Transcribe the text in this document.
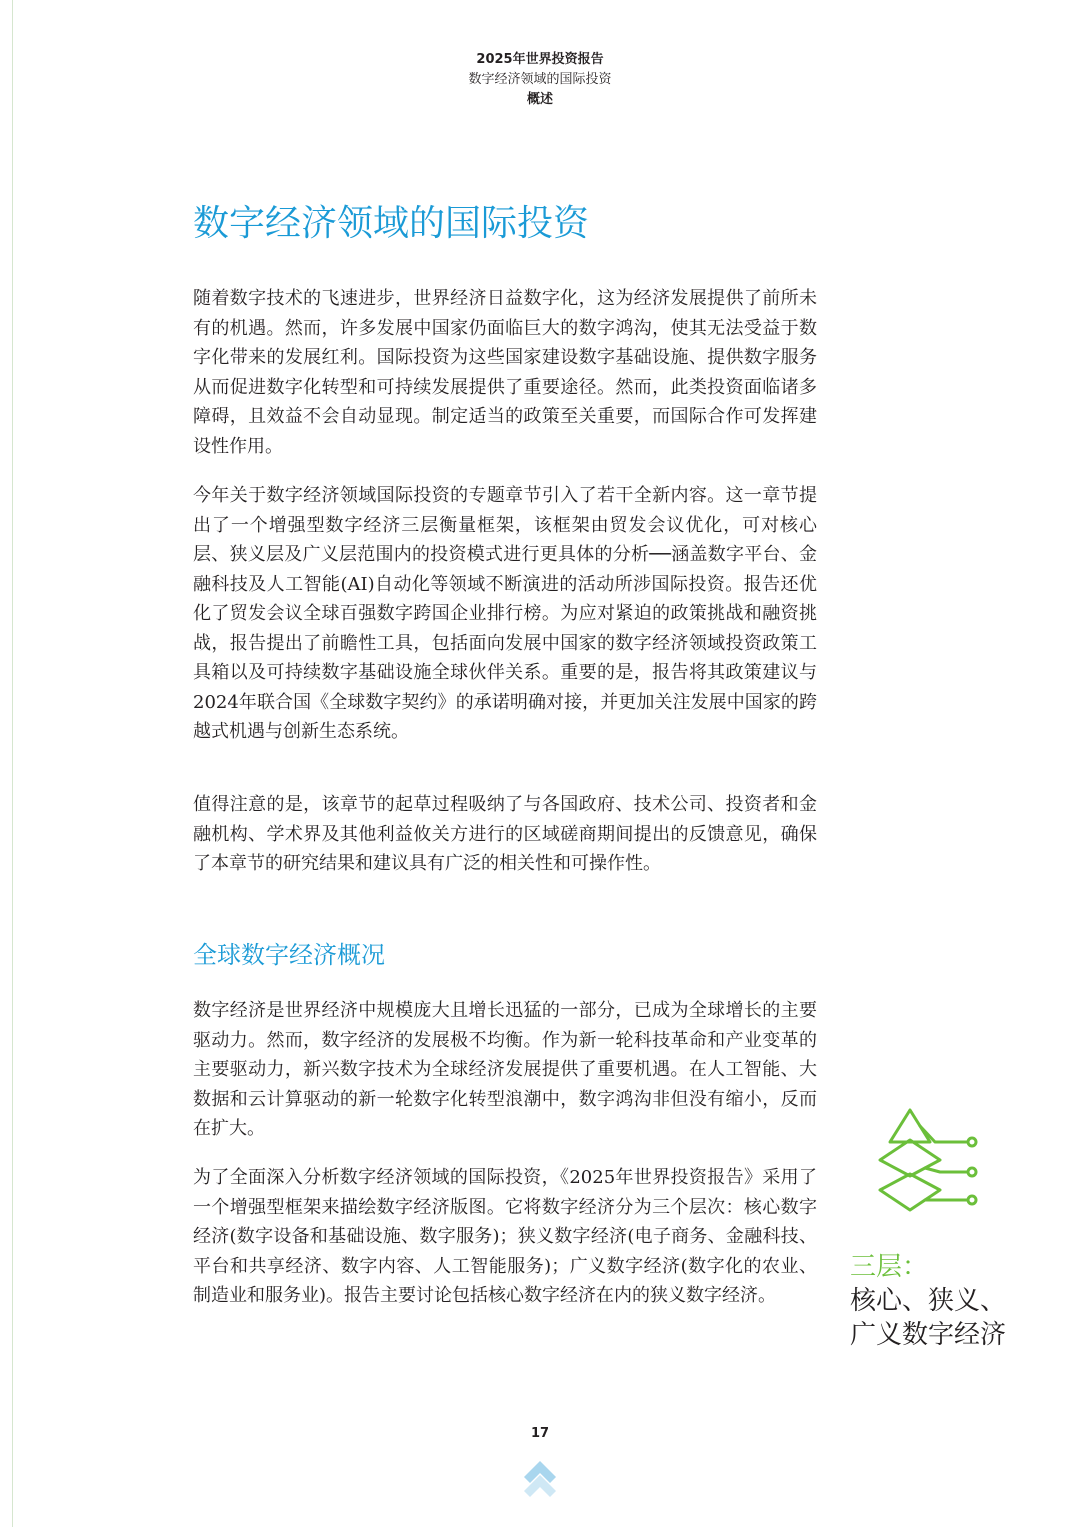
2025年世界投资报告
数字经济领域的国际投资
概述
数字经济领域的国际投资

随着数字技术的飞速进步，世界经济日益数字化，这为经济发展提供了前所未有的机遇。然而，许多发展中国家仍面临巨大的数字鸿沟，使其无法受益于数字化带来的发展红利。国际投资为这些国家建设数字基础设施、提供数字服务从而促进数字化转型和可持续发展提供了重要途径。然而，此类投资面临诸多障碍，且效益不会自动显现。制定适当的政策至关重要，而国际合作可发挥建设性作用。

今年关于数字经济领域国际投资的专题章节引入了若干全新内容。这一章节提出了一个增强型数字经济三层衡量框架，该框架由贸发会议优化，可对核心层、狭义层及广义层范围内的投资模式进行更具体的分析──涵盖数字平台、金融科技及人工智能(AI)自动化等领域不断演进的活动所涉国际投资。报告还优化了贸发会议全球百强数字跨国企业排行榜。为应对紧迫的政策挑战和融资挑战，报告提出了前瞻性工具，包括面向发展中国家的数字经济领域投资政策工具箱以及可持续数字基础设施全球伙伴关系。重要的是，报告将其政策建议与2024年联合国《全球数字契约》的承诺明确对接，并更加关注发展中国家的跨越式机遇与创新生态系统。

值得注意的是，该章节的起草过程吸纳了与各国政府、技术公司、投资者和金融机构、学术界及其他利益攸关方进行的区域磋商期间提出的反馈意见，确保了本章节的研究结果和建议具有广泛的相关性和可操作性。

全球数字经济概况

数字经济是世界经济中规模庞大且增长迅猛的一部分，已成为全球增长的主要驱动力。然而，数字经济的发展极不均衡。作为新一轮科技革命和产业变革的主要驱动力，新兴数字技术为全球经济发展提供了重要机遇。在人工智能、大数据和云计算驱动的新一轮数字化转型浪潮中，数字鸿沟非但没有缩小，反而在扩大。

为了全面深入分析数字经济领域的国际投资，《2025年世界投资报告》采用了一个增强型框架来描绘数字经济版图。它将数字经济分为三个层次：核心数字经济(数字设备和基础设施、数字服务)；狭义数字经济(电子商务、金融科技、平台和共享经济、数字内容、人工智能服务)；广义数字经济(数字化的农业、制造业和服务业)。报告主要讨论包括核心数字经济在内的狭义数字经济。

三层：
核心、狭义、
广义数字经济
17
